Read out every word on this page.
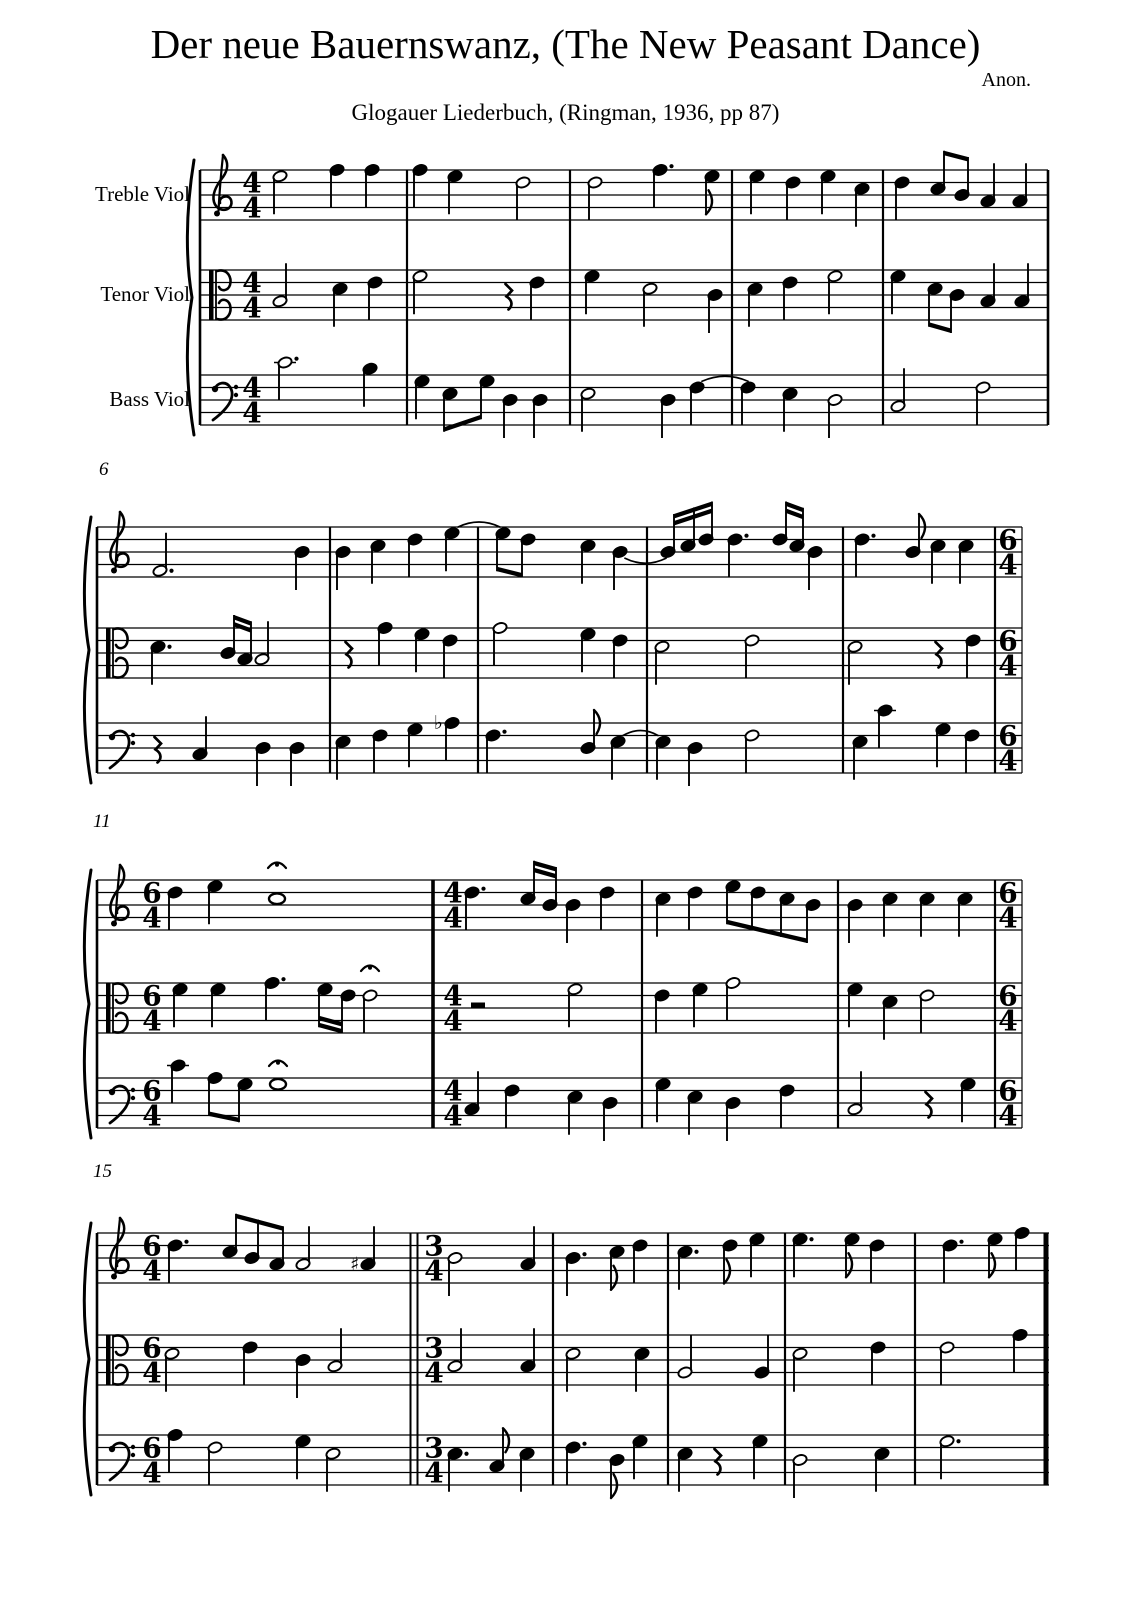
4
4
4
4
4
4
6
4
6
4
6
4
♭
4
4
4
4
4
4
6
4
6
4
6
4
6
4
6
4
6
4
3
4
3
4
3
4
6
4	♯
6
4
6
4
Der neue Bauernswanz, (The New Peasant Dance)
Anon.
Glogauer Liederbuch, (Ringman, 1936, pp 87)
Treble Viol
Tenor Viol
Bass Viol
6
11
15
